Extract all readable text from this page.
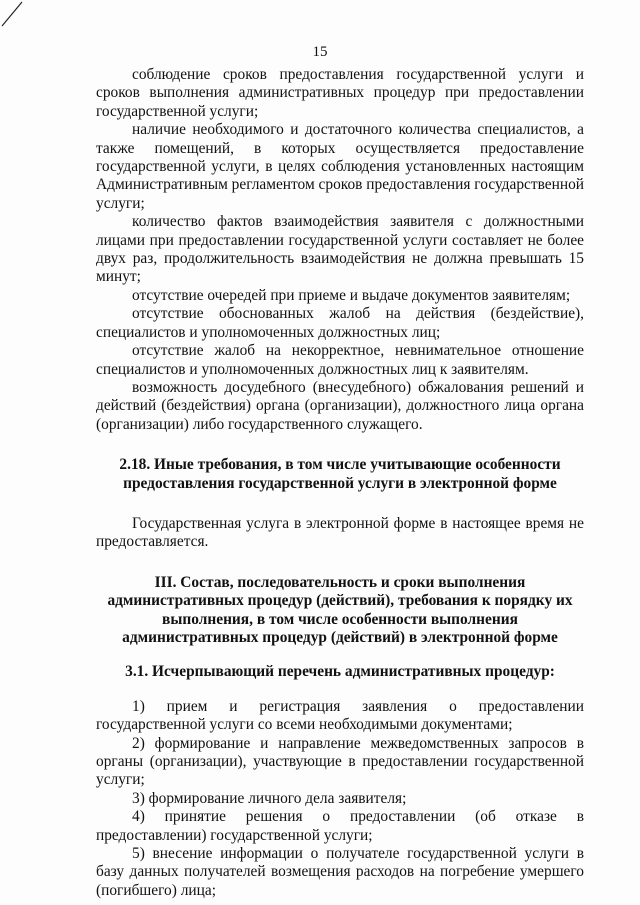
15

соблюдение сроков предоставления государственной услуги и сроков выполнения административных процедур при предоставлении государственной услуги;

наличие необходимого и достаточного количества специалистов, а также помещений, в которых осуществляется предоставление государственной услуги, в целях соблюдения установленных настоящим Административным регламентом сроков предоставления государственной услуги;

количество фактов взаимодействия заявителя с должностными лицами при предоставлении государственной услуги составляет не более двух раз, продолжительность взаимодействия не должна превышать 15 минут;

отсутствие очередей при приеме и выдаче документов заявителям;

отсутствие обоснованных жалоб на действия (бездействие), специалистов и уполномоченных должностных лиц;

отсутствие жалоб на некорректное, невнимательное отношение специалистов и уполномоченных должностных лиц к заявителям.

возможность досудебного (внесудебного) обжалования решений и действий (бездействия) органа (организации), должностного лица органа (организации) либо государственного служащего.

2.18. Иные требования, в том числе учитывающие особенности предоставления государственной услуги в электронной форме

Государственная услуга в электронной форме в настоящее время не предоставляется.

III. Состав, последовательность и сроки выполнения административных процедур (действий), требования к порядку их выполнения, в том числе особенности выполнения административных процедур (действий) в электронной форме

3.1. Исчерпывающий перечень административных процедур:

1) прием и регистрация заявления о предоставлении государственной услуги со всеми необходимыми документами;

2) формирование и направление межведомственных запросов в органы (организации), участвующие в предоставлении государственной услуги;

3) формирование личного дела заявителя;

4) принятие решения о предоставлении (об отказе в предоставлении) государственной услуги;

5) внесение информации о получателе государственной услуги в базу данных получателей возмещения расходов на погребение умершего (погибшего) лица;
